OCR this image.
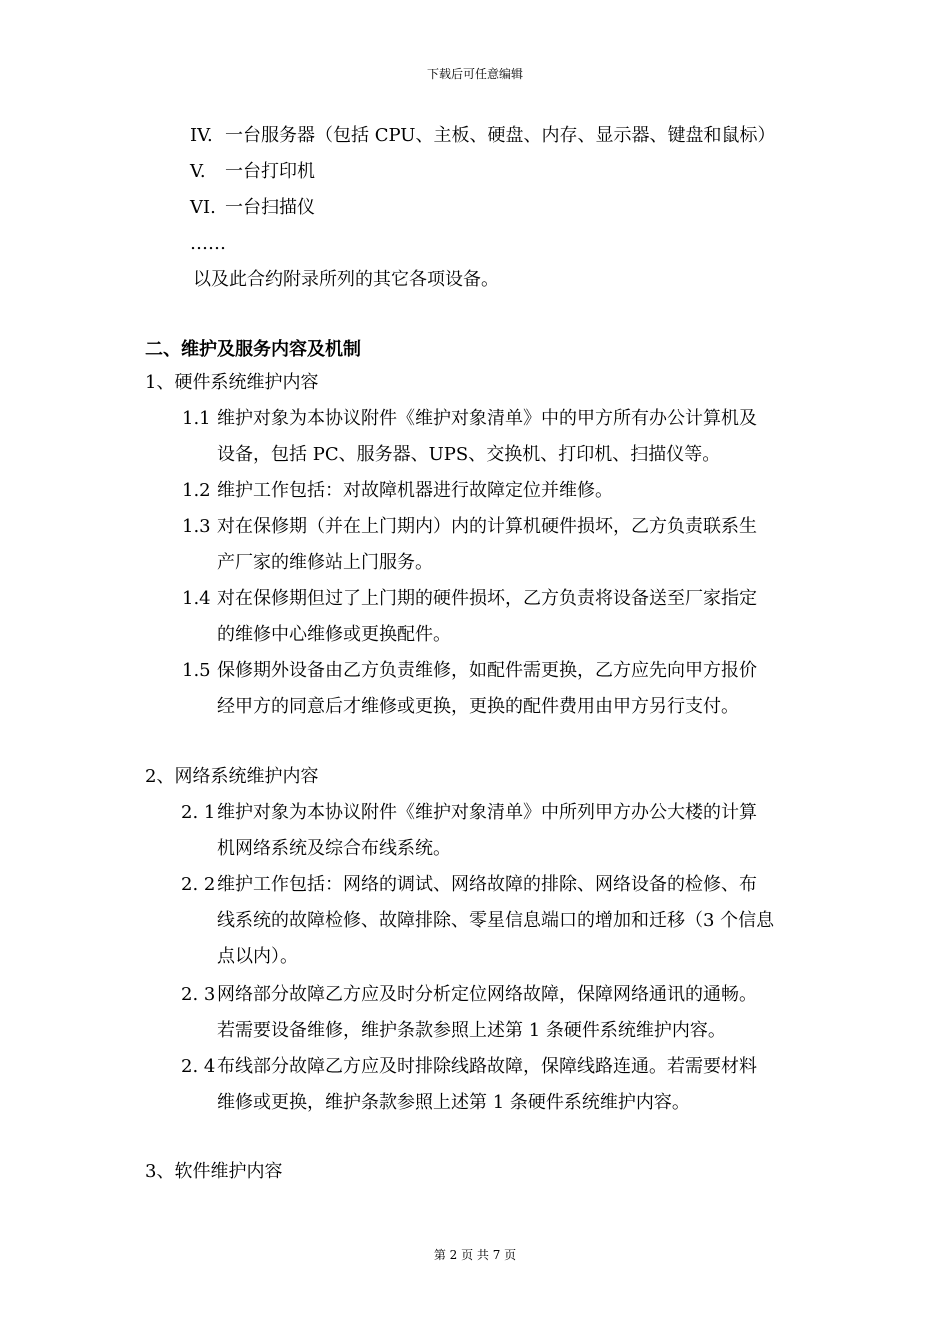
下载后可任意编辑
IV. 一台服务器（包括 CPU、主板、硬盘、内存、显示器、键盘和鼠标）
V. 一台打印机
VI. 一台扫描仪
……
以及此合约附录所列的其它各项设备。
二、维护及服务内容及机制
1、硬件系统维护内容
1.1 维护对象为本协议附件《维护对象清单》中的甲方所有办公计算机及
设备，包括 PC、服务器、UPS、交换机、打印机、扫描仪等。
1.2 维护工作包括：对故障机器进行故障定位并维修。
1.3 对在保修期（并在上门期内）内的计算机硬件损坏，乙方负责联系生
产厂家的维修站上门服务。
1.4 对在保修期但过了上门期的硬件损坏，乙方负责将设备送至厂家指定
的维修中心维修或更换配件。
1.5 保修期外设备由乙方负责维修，如配件需更换，乙方应先向甲方报价
经甲方的同意后才维修或更换，更换的配件费用由甲方另行支付。
2、网络系统维护内容
2. 1维护对象为本协议附件《维护对象清单》中所列甲方办公大楼的计算
机网络系统及综合布线系统。
2. 2维护工作包括：网络的调试、网络故障的排除、网络设备的检修、布
线系统的故障检修、故障排除、零星信息端口的增加和迁移（3 个信息
点以内）。
2. 3网络部分故障乙方应及时分析定位网络故障，保障网络通讯的通畅。
若需要设备维修，维护条款参照上述第 1 条硬件系统维护内容。
2. 4布线部分故障乙方应及时排除线路故障，保障线路连通。若需要材料
维修或更换，维护条款参照上述第 1 条硬件系统维护内容。
3、软件维护内容
第 2 页 共 7 页
